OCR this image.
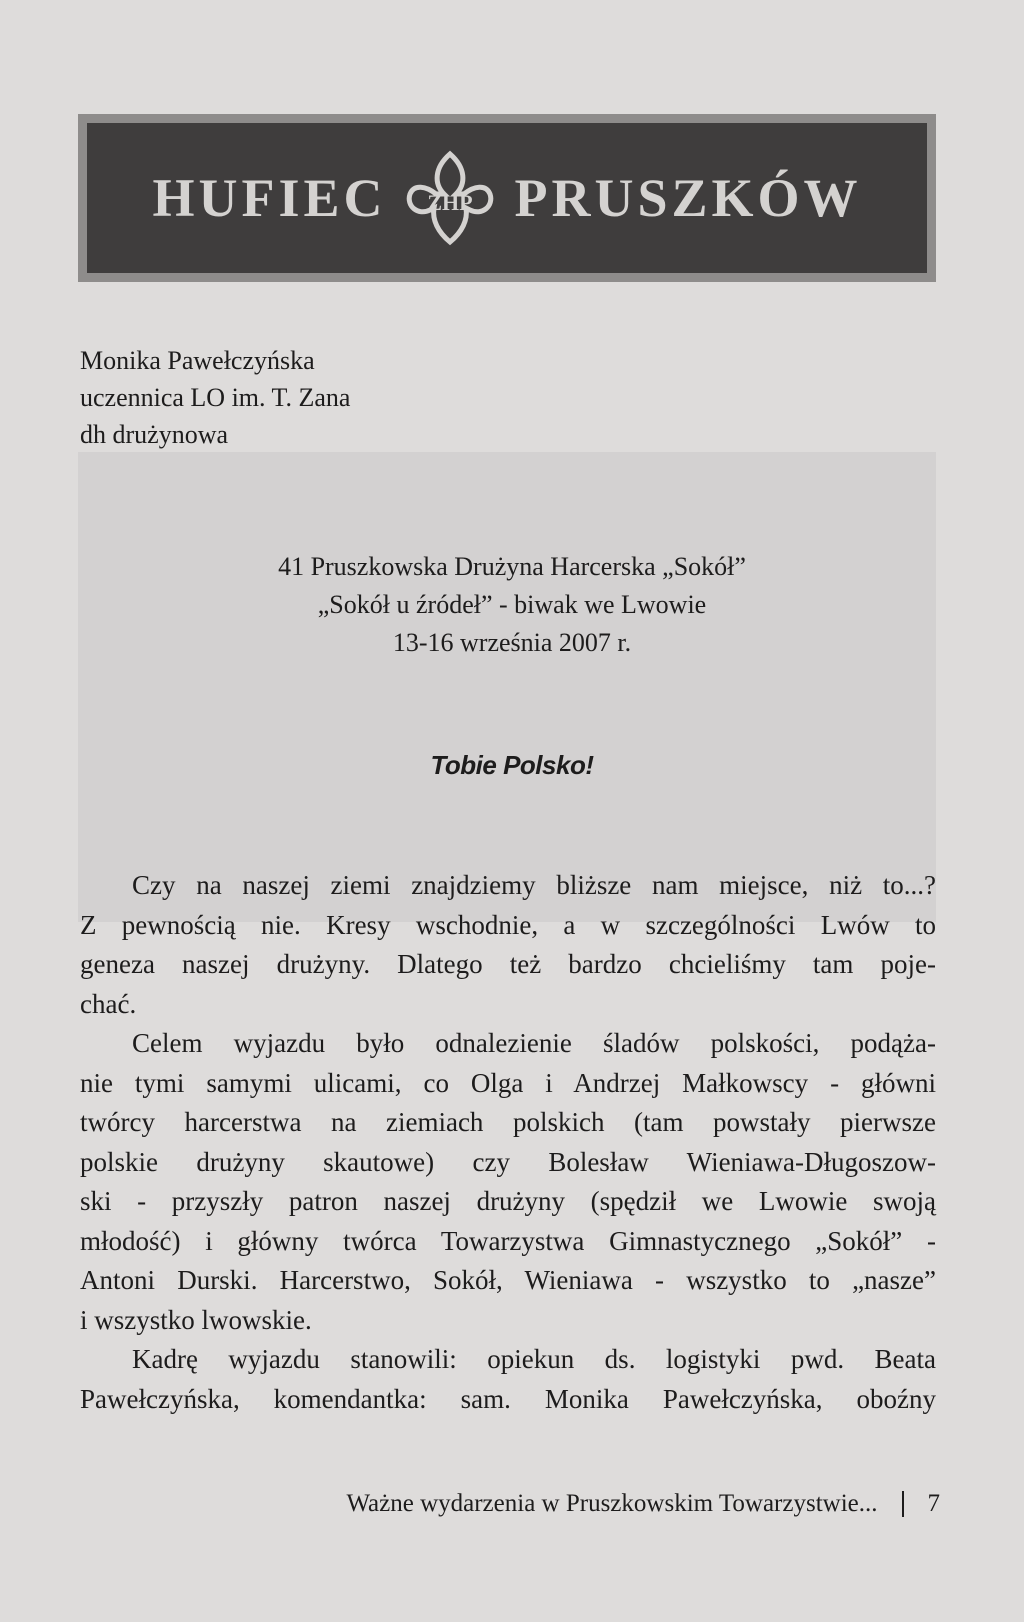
HUFIEC ZHP PRUSZKÓW
Monika Pawełczyńska
uczennica LO im. T. Zana
dh drużynowa
41 Pruszkowska Drużyna Harcerska „Sokół”
„Sokół u źródeł” - biwak we Lwowie
13-16 września 2007 r.
Tobie Polsko!
Czy na naszej ziemi znajdziemy bliższe nam miejsce, niż to...?
Z pewnością nie. Kresy wschodnie, a w szczególności Lwów to
geneza naszej drużyny. Dlatego też bardzo chcieliśmy tam poje-
chać.
Celem wyjazdu było odnalezienie śladów polskości, podąża-
nie tymi samymi ulicami, co Olga i Andrzej Małkowscy - główni
twórcy harcerstwa na ziemiach polskich (tam powstały pierwsze
polskie drużyny skautowe) czy Bolesław Wieniawa-Długoszow-
ski - przyszły patron naszej drużyny (spędził we Lwowie swoją
młodość) i główny twórca Towarzystwa Gimnastycznego „Sokół” -
Antoni Durski. Harcerstwo, Sokół, Wieniawa - wszystko to „nasze”
i wszystko lwowskie.
Kadrę wyjazdu stanowili: opiekun ds. logistyki pwd. Beata
Pawełczyńska, komendantka: sam. Monika Pawełczyńska, oboźny
Ważne wydarzenia w Pruszkowskim Towarzystwie... 7
